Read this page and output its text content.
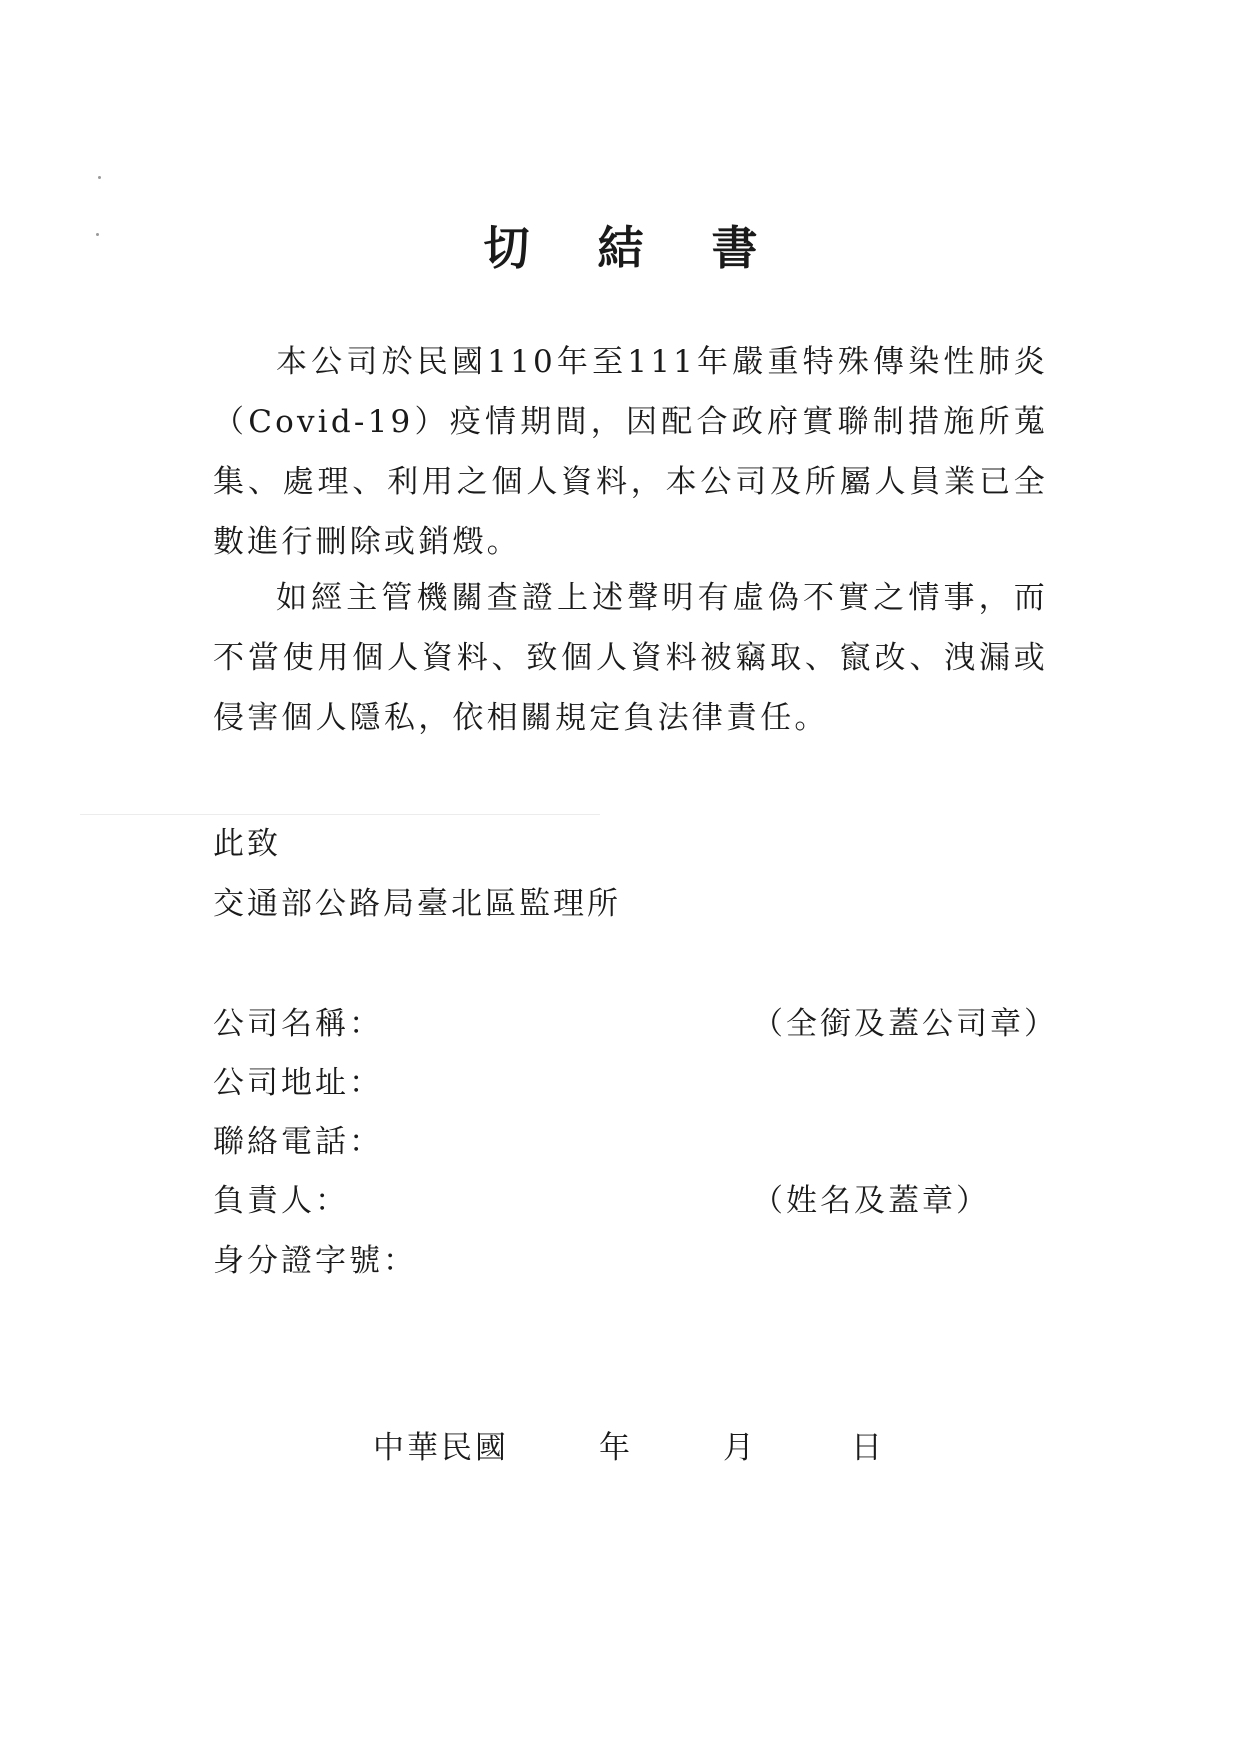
切 結 書
本公司於民國110年至111年嚴重特殊傳染性肺炎（Covid-19）疫情期間，因配合政府實聯制措施所蒐集、處理、利用之個人資料，本公司及所屬人員業已全數進行刪除或銷燬。
如經主管機關查證上述聲明有虛偽不實之情事，而不當使用個人資料、致個人資料被竊取、竄改、洩漏或侵害個人隱私，依相關規定負法律責任。
此致
交通部公路局臺北區監理所
公司名稱：	（全銜及蓋公司章）
公司地址：
聯絡電話：
負責人：	（姓名及蓋章）
身分證字號：
中華民國	年	月	日
